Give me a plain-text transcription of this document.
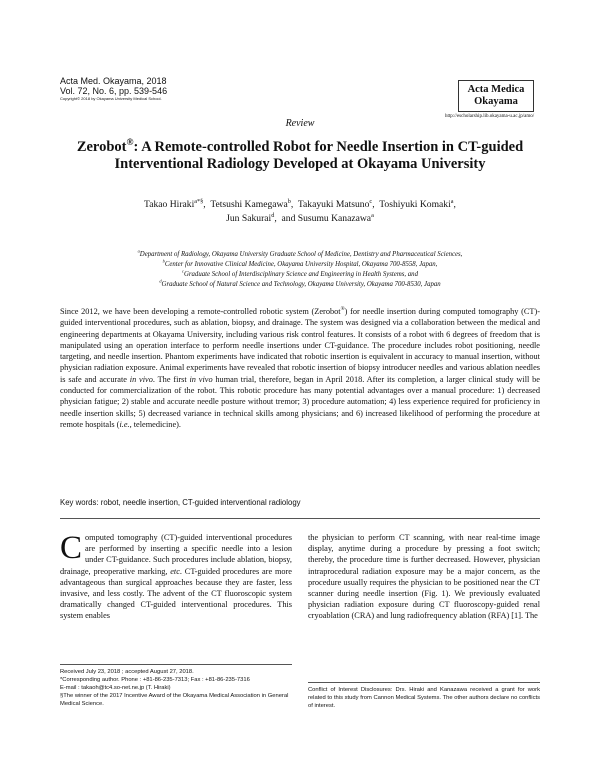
Acta Med. Okayama, 2018
Vol. 72, No. 6, pp. 539-546
Copyright© 2018 by Okayama University Medical School.
Acta Medica
Okayama
http://escholarship.lib.okayama-u.ac.jp/amo/
Review
Zerobot®: A Remote-controlled Robot for Needle Insertion in CT-guided
Interventional Radiology Developed at Okayama University
Takao Hiraki$^{a*\S}$,  Tetsushi Kamegawa$^b$,  Takayuki Matsuno$^c$,  Toshiyuki Komaki$^a$,
Jun Sakurai$^d$,  and Susumu Kanazawa$^a$
$^a$Department of Radiology, Okayama University Graduate School of Medicine, Dentistry and Pharmaceutical Sciences,
$^b$Center for Innovative Clinical Medicine, Okayama University Hospital, Okayama 700-8558, Japan,
$^c$Graduate School of Interdisciplinary Science and Engineering in Health Systems, and
$^d$Graduate School of Natural Science and Technology, Okayama University, Okayama 700-8530, Japan
Since 2012, we have been developing a remote-controlled robotic system (Zerobot®) for needle insertion during computed tomography (CT)-guided interventional procedures, such as ablation, biopsy, and drainage. The system was designed via a collaboration between the medical and engineering departments at Okayama University, including various risk control features. It consists of a robot with 6 degrees of freedom that is manipulated using an operation interface to perform needle insertions under CT-guidance. The procedure includes robot positioning, needle targeting, and needle insertion. Phantom experiments have indicated that robotic insertion is equivalent in accuracy to manual insertion, without physician radiation exposure. Animal experiments have revealed that robotic insertion of biopsy introducer needles and various ablation needles is safe and accurate in vivo. The first in vivo human trial, therefore, began in April 2018. After its completion, a larger clinical study will be conducted for commercialization of the robot. This robotic procedure has many potential advantages over a manual procedure: 1) decreased physician fatigue; 2) stable and accurate needle posture without tremor; 3) procedure automation; 4) less experience required for proficiency in needle insertion skills; 5) decreased variance in technical skills among physicians; and 6) increased likelihood of performing the procedure at remote hospitals (i.e., telemedicine).
Key words: robot, needle insertion, CT-guided interventional radiology
Computed tomography (CT)-guided interventional procedures are performed by inserting a specific needle into a lesion under CT-guidance. Such procedures include ablation, biopsy, drainage, preoperative marking, etc. CT-guided procedures are more advantageous than surgical approaches because they are faster, less invasive, and less costly. The advent of the CT fluoroscopic system dramatically changed CT-guided interventional procedures. This system enables
the physician to perform CT scanning, with near real-time image display, anytime during a procedure by pressing a foot switch; thereby, the procedure time is further decreased. However, physician intraprocedural radiation exposure may be a major concern, as the procedure usually requires the physician to be positioned near the CT scanner during needle insertion (Fig. 1). We previously evaluated physician radiation exposure during CT fluoroscopy-guided renal cryoablation (CRA) and lung radiofrequency ablation (RFA) [1]. The
Received July 23, 2018 ; accepted August 27, 2018.
*Corresponding author. Phone : +81-86-235-7313; Fax : +81-86-235-7316
E-mail : takaoh@tc4.so-net.ne.jp (T. Hiraki)
§The winner of the 2017 Incentive Award of the Okayama Medical Association in General Medical Science.
Conflict of Interest Disclosures: Drs. Hiraki and Kanazawa received a grant for work related to this study from Cannon Medical Systems. The other authors declare no conflicts of interest.
